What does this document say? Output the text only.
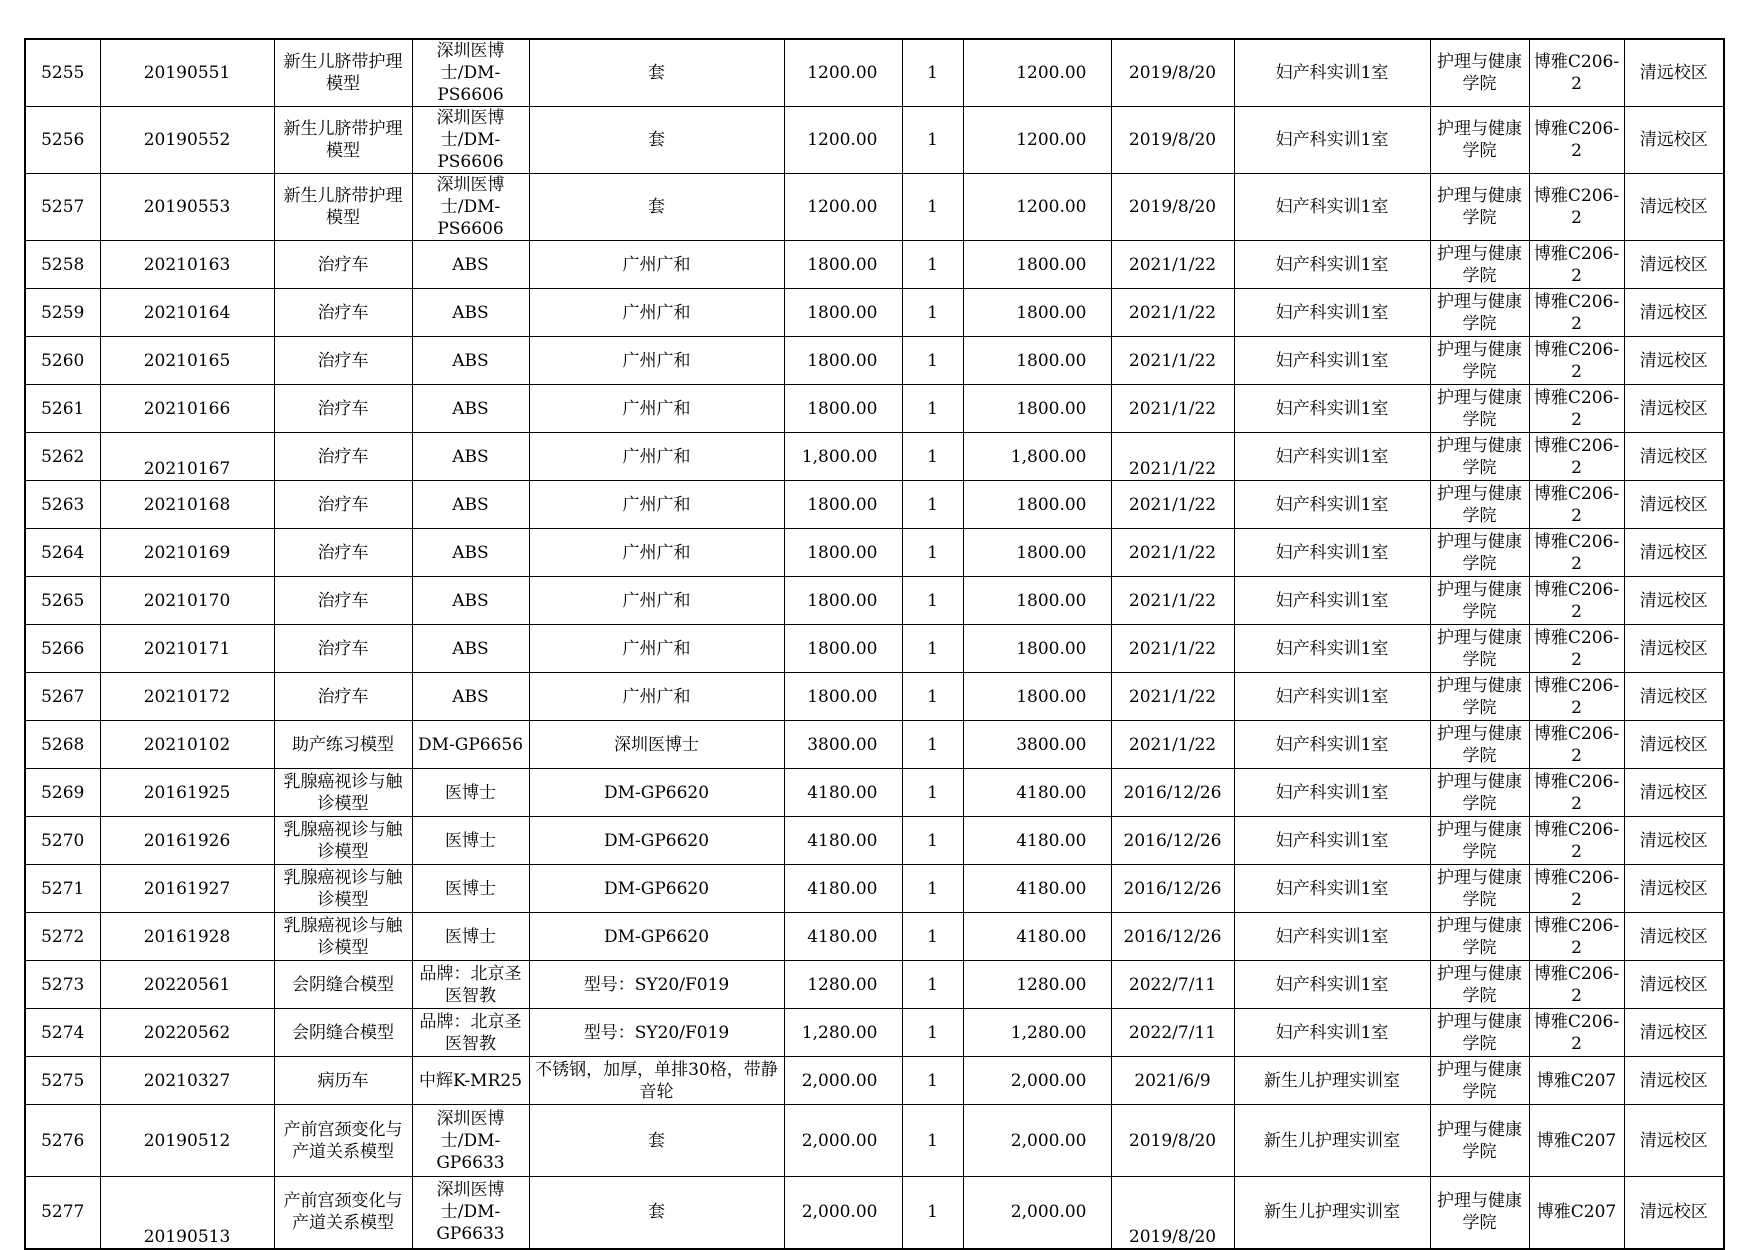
5255	20190551	新生儿脐带护理模型	深圳医博士/DM-PS6606	套	1200.00	1	1200.00	2019/8/20	妇产科实训1室	护理与健康学院	博雅C206-2	清远校区
5256	20190552	新生儿脐带护理模型	深圳医博士/DM-PS6606	套	1200.00	1	1200.00	2019/8/20	妇产科实训1室	护理与健康学院	博雅C206-2	清远校区
5257	20190553	新生儿脐带护理模型	深圳医博士/DM-PS6606	套	1200.00	1	1200.00	2019/8/20	妇产科实训1室	护理与健康学院	博雅C206-2	清远校区
5258	20210163	治疗车	ABS	广州广和	1800.00	1	1800.00	2021/1/22	妇产科实训1室	护理与健康学院	博雅C206-2	清远校区
5259	20210164	治疗车	ABS	广州广和	1800.00	1	1800.00	2021/1/22	妇产科实训1室	护理与健康学院	博雅C206-2	清远校区
5260	20210165	治疗车	ABS	广州广和	1800.00	1	1800.00	2021/1/22	妇产科实训1室	护理与健康学院	博雅C206-2	清远校区
5261	20210166	治疗车	ABS	广州广和	1800.00	1	1800.00	2021/1/22	妇产科实训1室	护理与健康学院	博雅C206-2	清远校区
5262	20210167	治疗车	ABS	广州广和	1,800.00	1	1,800.00	2021/1/22	妇产科实训1室	护理与健康学院	博雅C206-2	清远校区
5263	20210168	治疗车	ABS	广州广和	1800.00	1	1800.00	2021/1/22	妇产科实训1室	护理与健康学院	博雅C206-2	清远校区
5264	20210169	治疗车	ABS	广州广和	1800.00	1	1800.00	2021/1/22	妇产科实训1室	护理与健康学院	博雅C206-2	清远校区
5265	20210170	治疗车	ABS	广州广和	1800.00	1	1800.00	2021/1/22	妇产科实训1室	护理与健康学院	博雅C206-2	清远校区
5266	20210171	治疗车	ABS	广州广和	1800.00	1	1800.00	2021/1/22	妇产科实训1室	护理与健康学院	博雅C206-2	清远校区
5267	20210172	治疗车	ABS	广州广和	1800.00	1	1800.00	2021/1/22	妇产科实训1室	护理与健康学院	博雅C206-2	清远校区
5268	20210102	助产练习模型	DM-GP6656	深圳医博士	3800.00	1	3800.00	2021/1/22	妇产科实训1室	护理与健康学院	博雅C206-2	清远校区
5269	20161925	乳腺癌视诊与触诊模型	医博士	DM-GP6620	4180.00	1	4180.00	2016/12/26	妇产科实训1室	护理与健康学院	博雅C206-2	清远校区
5270	20161926	乳腺癌视诊与触诊模型	医博士	DM-GP6620	4180.00	1	4180.00	2016/12/26	妇产科实训1室	护理与健康学院	博雅C206-2	清远校区
5271	20161927	乳腺癌视诊与触诊模型	医博士	DM-GP6620	4180.00	1	4180.00	2016/12/26	妇产科实训1室	护理与健康学院	博雅C206-2	清远校区
5272	20161928	乳腺癌视诊与触诊模型	医博士	DM-GP6620	4180.00	1	4180.00	2016/12/26	妇产科实训1室	护理与健康学院	博雅C206-2	清远校区
5273	20220561	会阴缝合模型	品牌：北京圣医智教	型号：SY20/F019	1280.00	1	1280.00	2022/7/11	妇产科实训1室	护理与健康学院	博雅C206-2	清远校区
5274	20220562	会阴缝合模型	品牌：北京圣医智教	型号：SY20/F019	1,280.00	1	1,280.00	2022/7/11	妇产科实训1室	护理与健康学院	博雅C206-2	清远校区
5275	20210327	病历车	中辉K-MR25	不锈钢，加厚，单排30格，带静音轮	2,000.00	1	2,000.00	2021/6/9	新生儿护理实训室	护理与健康学院	博雅C207	清远校区
5276	20190512	产前宫颈变化与产道关系模型	深圳医博士/DM-GP6633	套	2,000.00	1	2,000.00	2019/8/20	新生儿护理实训室	护理与健康学院	博雅C207	清远校区
5277	20190513	产前宫颈变化与产道关系模型	深圳医博士/DM-GP6633	套	2,000.00	1	2,000.00	2019/8/20	新生儿护理实训室	护理与健康学院	博雅C207	清远校区
